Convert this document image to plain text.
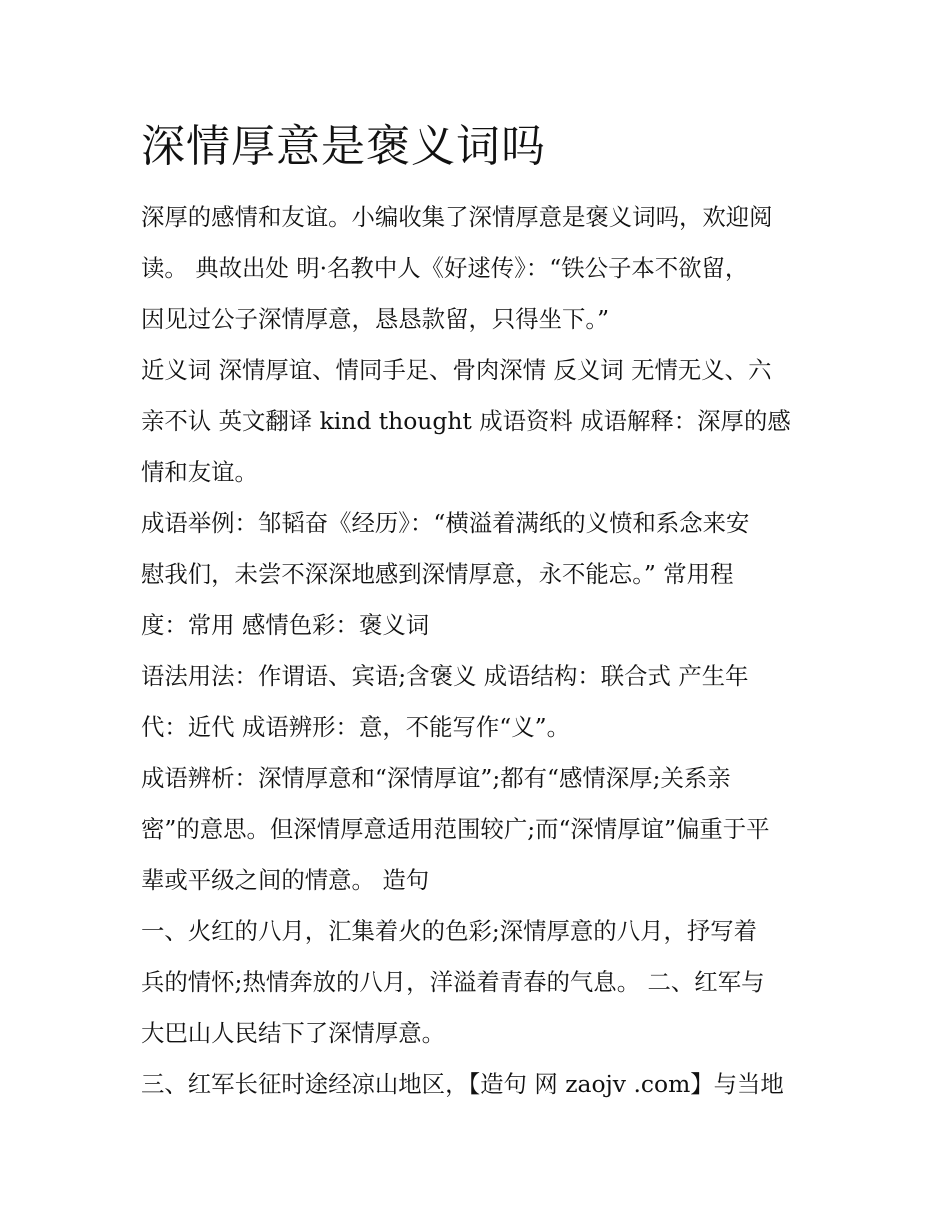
深情厚意是褒义词吗

深厚的感情和友谊。小编收集了深情厚意是褒义词吗，欢迎阅
读。 典故出处 明·名教中人《好逑传》：“铁公子本不欲留，
因见过公子深情厚意，恳恳款留，只得坐下。”

近义词 深情厚谊、情同手足、骨肉深情 反义词 无情无义、六
亲不认 英文翻译 kind thought 成语资料 成语解释：深厚的感
情和友谊。

成语举例：邹韬奋《经历》：“横溢着满纸的义愤和系念来安
慰我们，未尝不深深地感到深情厚意，永不能忘。” 常用程
度：常用 感情色彩：褒义词

语法用法：作谓语、宾语;含褒义 成语结构：联合式 产生年
代：近代 成语辨形：意，不能写作“义”。

成语辨析：深情厚意和“深情厚谊”;都有“感情深厚;关系亲
密”的意思。但深情厚意适用范围较广;而“深情厚谊”偏重于平
辈或平级之间的情意。 造句

一、火红的八月，汇集着火的色彩;深情厚意的八月，抒写着
兵的情怀;热情奔放的八月，洋溢着青春的气息。 二、红军与
大巴山人民结下了深情厚意。

三、红军长征时途经凉山地区，【造句 网 zaojv .com】与当地
